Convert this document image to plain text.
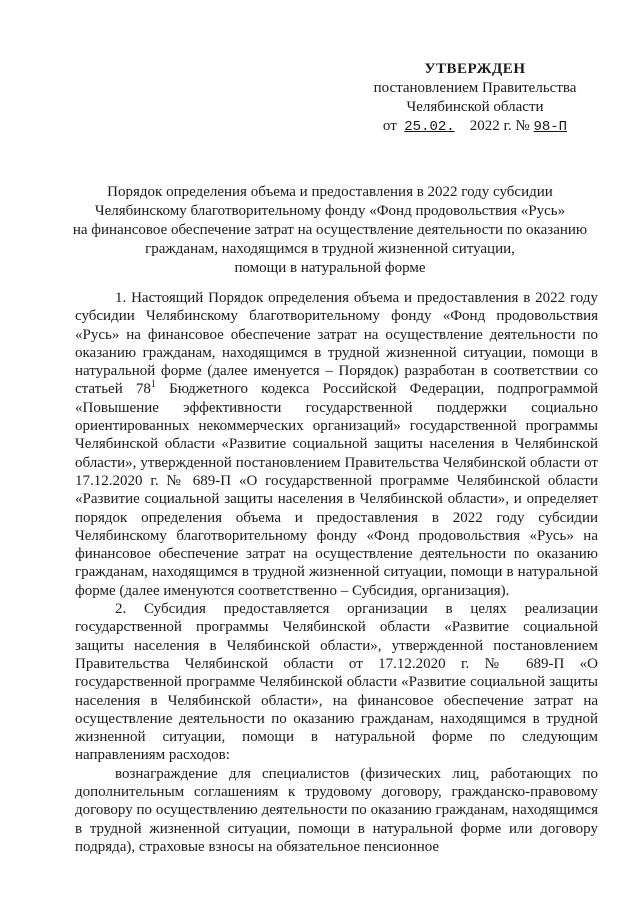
УТВЕРЖДЕН
постановлением Правительства
Челябинской области
от 25.02. 2022 г. № 98-П
Порядок определения объема и предоставления в 2022 году субсидии
Челябинскому благотворительному фонду «Фонд продовольствия «Русь»
на финансовое обеспечение затрат на осуществление деятельности по оказанию
гражданам, находящимся в трудной жизненной ситуации,
помощи в натуральной форме

1. Настоящий Порядок определения объема и предоставления в 2022 году субсидии Челябинскому благотворительному фонду «Фонд продовольствия «Русь» на финансовое обеспечение затрат на осуществление деятельности по оказанию гражданам, находящимся в трудной жизненной ситуации, помощи в натуральной форме (далее именуется – Порядок) разработан в соответствии со статьей $78^1$ Бюджетного кодекса Российской Федерации, подпрограммой «Повышение эффективности государственной поддержки социально ориентированных некоммерческих организаций» государственной программы Челябинской области «Развитие социальной защиты населения в Челябинской области», утвержденной постановлением Правительства Челябинской области от 17.12.2020 г. № 689-П «О государственной программе Челябинской области «Развитие социальной защиты населения в Челябинской области», и определяет порядок определения объема и предоставления в 2022 году субсидии Челябинскому благотворительному фонду «Фонд продовольствия «Русь» на финансовое обеспечение затрат на осуществление деятельности по оказанию гражданам, находящимся в трудной жизненной ситуации, помощи в натуральной форме (далее именуются соответственно – Субсидия, организация).

2. Субсидия предоставляется организации в целях реализации государственной программы Челябинской области «Развитие социальной защиты населения в Челябинской области», утвержденной постановлением Правительства Челябинской области от 17.12.2020 г. № 689-П «О государственной программе Челябинской области «Развитие социальной защиты населения в Челябинской области», на финансовое обеспечение затрат на осуществление деятельности по оказанию гражданам, находящимся в трудной жизненной ситуации, помощи в натуральной форме по следующим направлениям расходов:

вознаграждение для специалистов (физических лиц, работающих по дополнительным соглашениям к трудовому договору, гражданско-правовому договору по осуществлению деятельности по оказанию гражданам, находящимся в трудной жизненной ситуации, помощи в натуральной форме или договору подряда), страховые взносы на обязательное пенсионное
